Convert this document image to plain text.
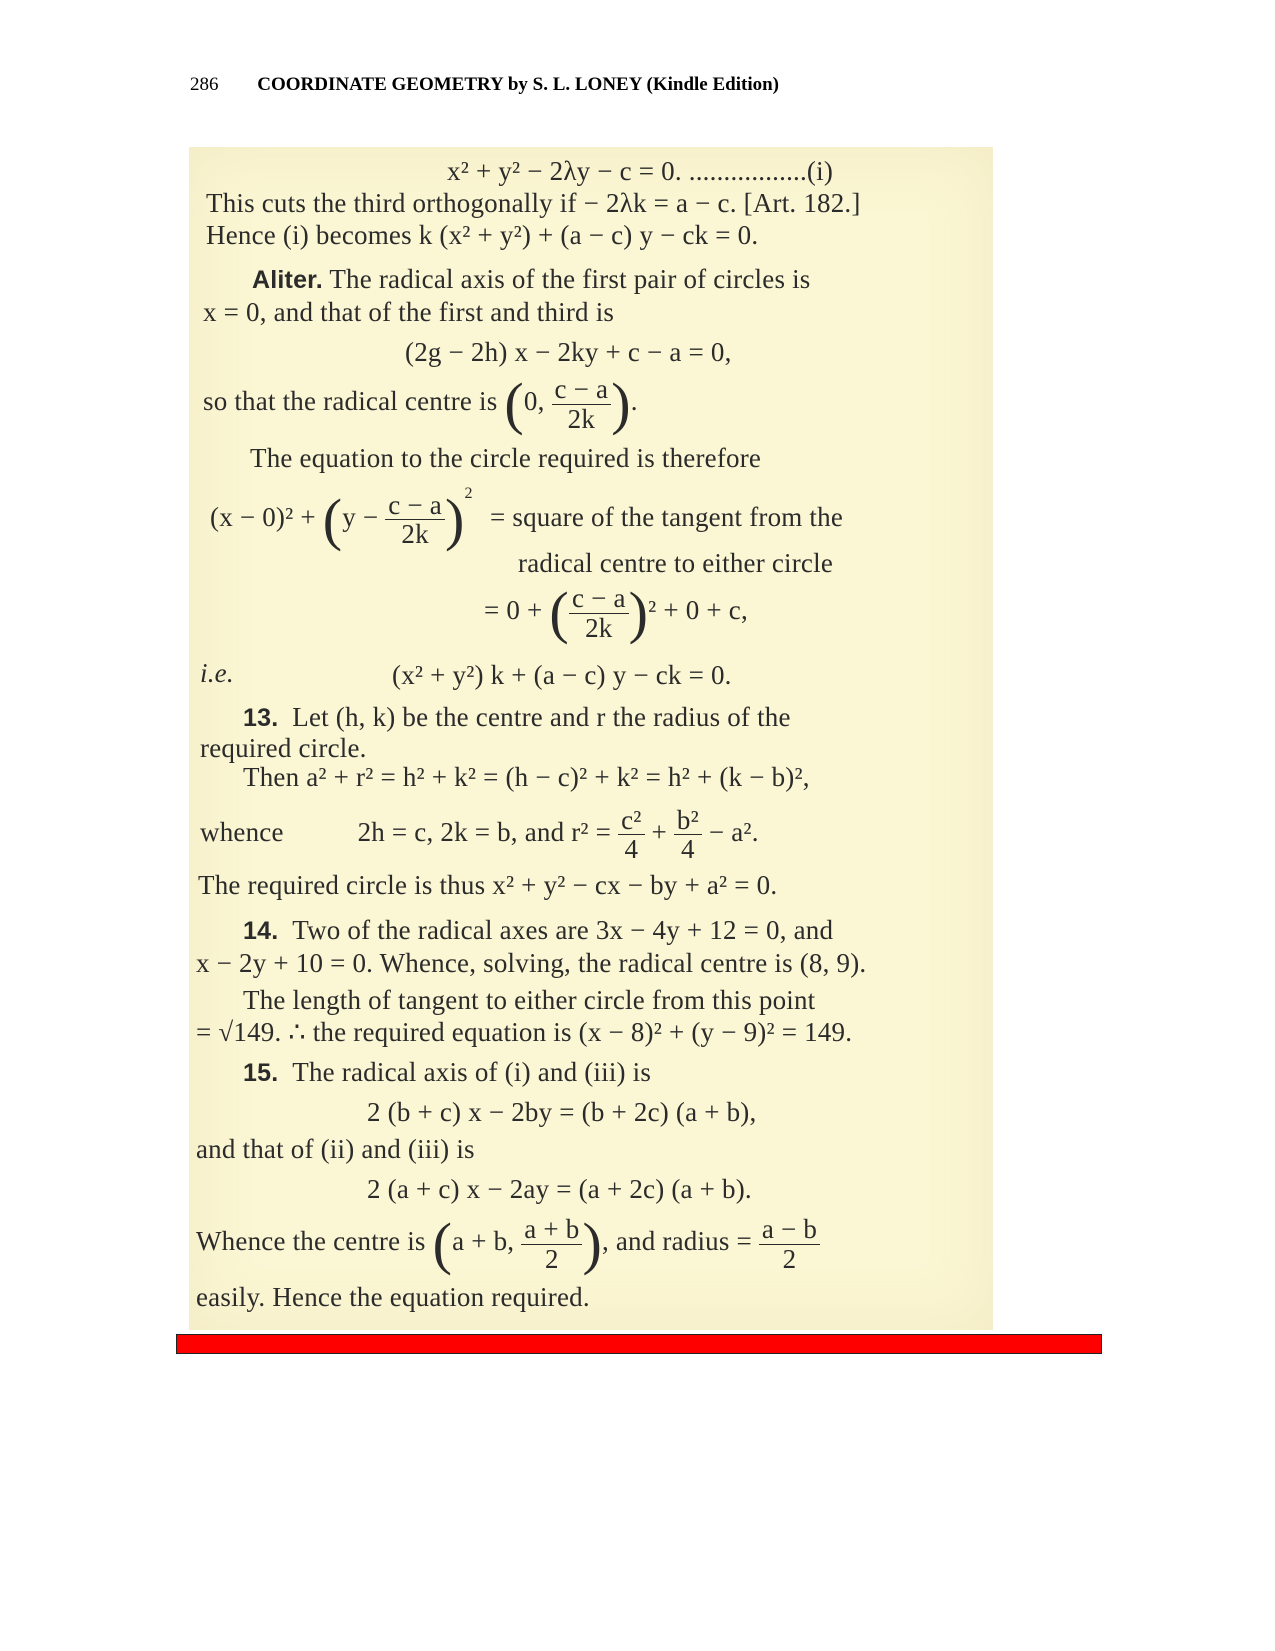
286 COORDINATE GEOMETRY by S. L. LONEY (Kindle Edition)
x² + y² − 2λy − c = 0. .................(i)
This cuts the third orthogonally if − 2λk = a − c. [Art. 182.]
Hence (i) becomes k (x² + y²) + (a − c) y − ck = 0.
Aliter. The radical axis of the first pair of circles is
x = 0, and that of the first and third is
(2g − 2h) x − 2ky + c − a = 0,
so that the radical centre is (0, $\frac{c - a}{2k}$ ).
The equation to the circle required is therefore
$(x - 0)^2 + (y - \frac{c - a}{2k} )^2$
= square of the tangent from the
radical centre to either circle
= 0 + ( $\frac{c - a}{2k} )^2 + 0 + c$,
i.e.	(x² + y²) k + (a − c) y − ck = 0.
13. Let (h, k) be the centre and r the radius of the
required circle.
Then a² + r² = h² + k² = (h − c)² + k² = h² + (k − b)²,
whence	2h = c, 2k = b, and $r^2 = \frac{\text{c²}}{4} + \frac{\text{b²}}{4} - a^2$.
The required circle is thus x² + y² − cx − by + a² = 0.
14. Two of the radical axes are 3x − 4y + 12 = 0, and
x − 2y + 10 = 0. Whence, solving, the radical centre is (8, 9).
The length of tangent to either circle from this point
= √149. ∴ the required equation is (x − 8)² + (y − 9)² = 149.
15. The radical axis of (i) and (iii) is
2 (b + c) x − 2by = (b + 2c) (a + b),
and that of (ii) and (iii) is
2 (a + c) x − 2ay = (a + 2c) (a + b).
Whence the centre is (a + b, $\frac{a + b}{2}$ ), and radius = $\frac{a - b}{2}$
easily. Hence the equation required.
